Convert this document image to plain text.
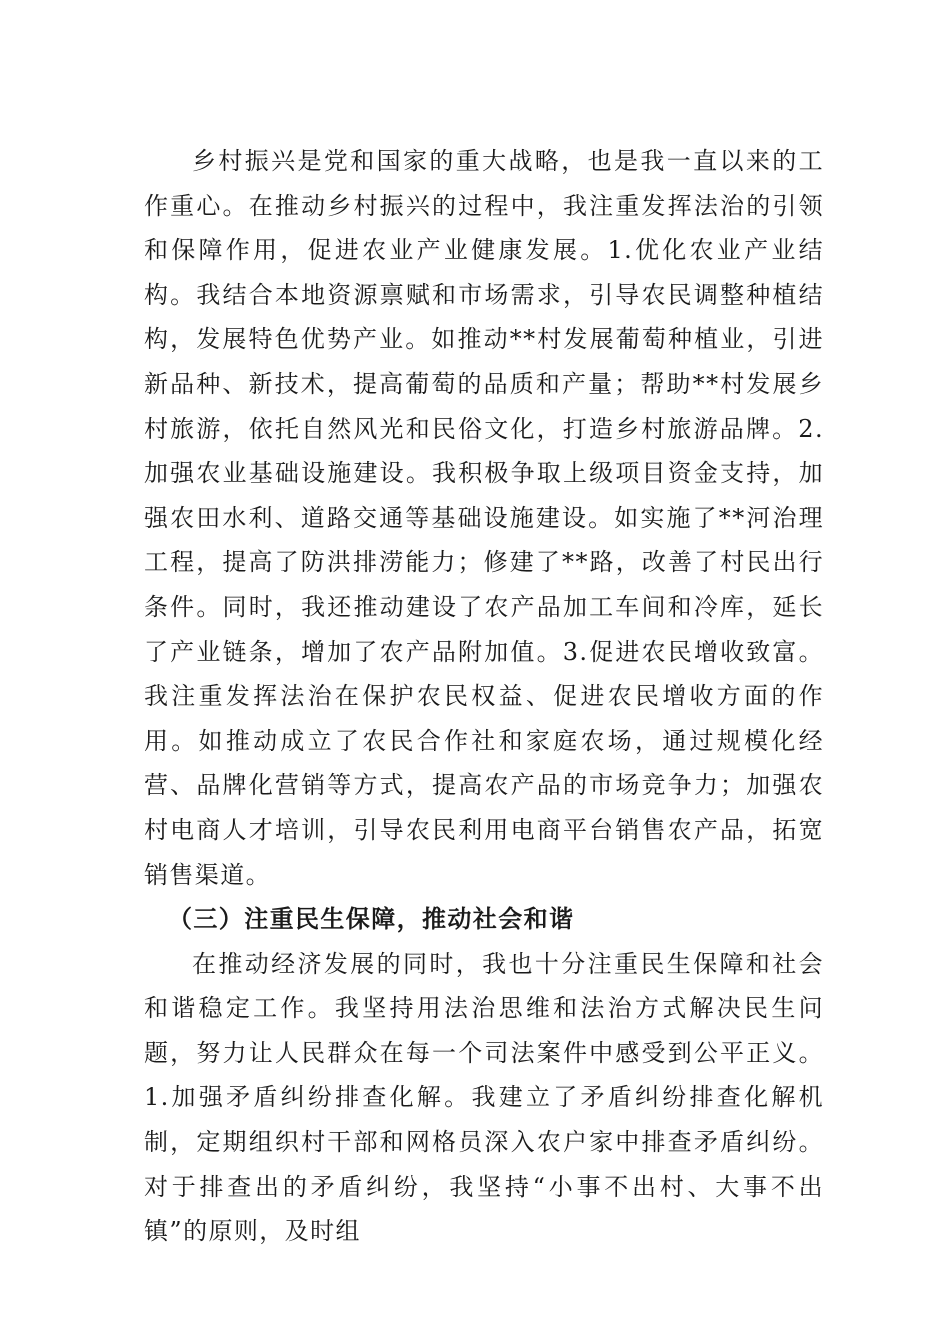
乡村振兴是党和国家的重大战略，也是我一直以来的工作重心。在推动乡村振兴的过程中，我注重发挥法治的引领和保障作用，促进农业产业健康发展。1.优化农业产业结构。我结合本地资源禀赋和市场需求，引导农民调整种植结构，发展特色优势产业。如推动**村发展葡萄种植业，引进新品种、新技术，提高葡萄的品质和产量；帮助**村发展乡村旅游，依托自然风光和民俗文化，打造乡村旅游品牌。2.加强农业基础设施建设。我积极争取上级项目资金支持，加强农田水利、道路交通等基础设施建设。如实施了**河治理工程，提高了防洪排涝能力；修建了**路，改善了村民出行条件。同时，我还推动建设了农产品加工车间和冷库，延长了产业链条，增加了农产品附加值。3.促进农民增收致富。我注重发挥法治在保护农民权益、促进农民增收方面的作用。如推动成立了农民合作社和家庭农场，通过规模化经营、品牌化营销等方式，提高农产品的市场竞争力；加强农村电商人才培训，引导农民利用电商平台销售农产品，拓宽销售渠道。

（三）注重民生保障，推动社会和谐

在推动经济发展的同时，我也十分注重民生保障和社会和谐稳定工作。我坚持用法治思维和法治方式解决民生问题，努力让人民群众在每一个司法案件中感受到公平正义。1.加强矛盾纠纷排查化解。我建立了矛盾纠纷排查化解机制，定期组织村干部和网格员深入农户家中排查矛盾纠纷。对于排查出的矛盾纠纷，我坚持“小事不出村、大事不出镇”的原则，及时组
